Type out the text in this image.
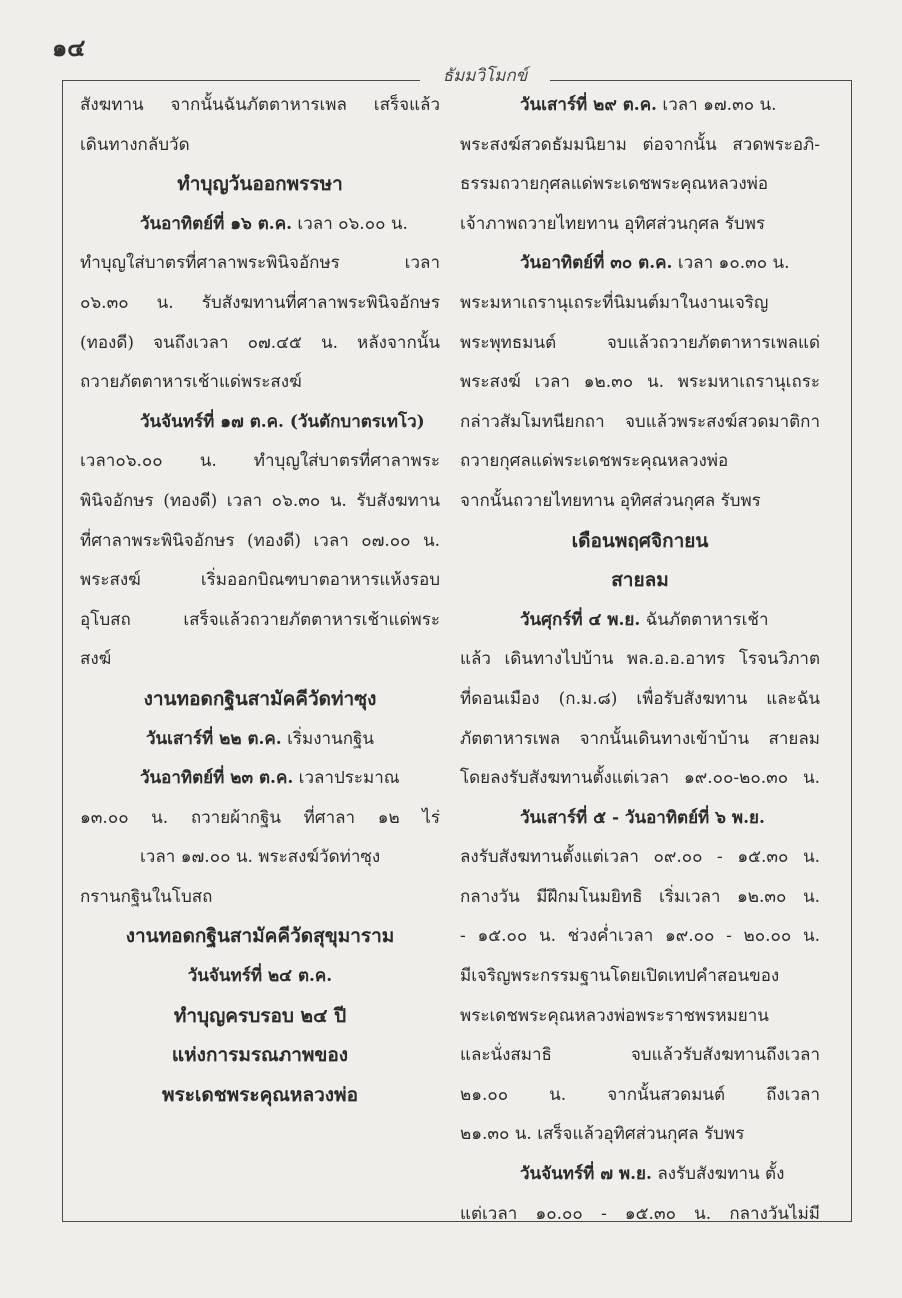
๑๔
ธัมมวิโมกข์
สังฆทาน จากนั้นฉันภัตตาหารเพล เสร็จแล้ว
เดินทางกลับวัด
ทำบุญวันออกพรรษา
วันอาทิตย์ที่ ๑๖ ต.ค. เวลา ๐๖.๐๐ น.
ทำบุญใส่บาตรที่ศาลาพระพินิจอักษร เวลา
๐๖.๓๐ น. รับสังฆทานที่ศาลาพระพินิจอักษร
(ทองดี) จนถึงเวลา ๐๗.๔๕ น. หลังจากนั้น
ถวายภัตตาหารเช้าแด่พระสงฆ์
วันจันทร์ที่ ๑๗ ต.ค. (วันตักบาตรเทโว)
เวลา๐๖.๐๐ น. ทำบุญใส่บาตรที่ศาลาพระ
พินิจอักษร (ทองดี) เวลา ๐๖.๓๐ น. รับสังฆทาน
ที่ศาลาพระพินิจอักษร (ทองดี) เวลา ๐๗.๐๐ น.
พระสงฆ์ เริ่มออกบิณฑบาตอาหารแห้งรอบ
อุโบสถ เสร็จแล้วถวายภัตตาหารเช้าแด่พระ
สงฆ์
งานทอดกฐินสามัคคีวัดท่าซุง
วันเสาร์ที่ ๒๒ ต.ค. เริ่มงานกฐิน
วันอาทิตย์ที่ ๒๓ ต.ค. เวลาประมาณ
๑๓.๐๐ น. ถวายผ้ากฐิน ที่ศาลา ๑๒ ไร่
เวลา ๑๗.๐๐ น. พระสงฆ์วัดท่าซุง
กรานกฐินในโบสถ
งานทอดกฐินสามัคคีวัดสุขุมาราม
วันจันทร์ที่ ๒๔ ต.ค.
ทำบุญครบรอบ ๒๔ ปี
แห่งการมรณภาพของ
พระเดชพระคุณหลวงพ่อ
วันเสาร์ที่ ๒๙ ต.ค. เวลา ๑๗.๓๐ น.
พระสงฆ์สวดธัมมนิยาม ต่อจากนั้น สวดพระอภิ-
ธรรมถวายกุศลแด่พระเดชพระคุณหลวงพ่อ
เจ้าภาพถวายไทยทาน อุทิศส่วนกุศล รับพร
วันอาทิตย์ที่ ๓๐ ต.ค. เวลา ๑๐.๓๐ น.
พระมหาเถรานุเถระที่นิมนต์มาในงานเจริญ
พระพุทธมนต์ จบแล้วถวายภัตตาหารเพลแด่
พระสงฆ์ เวลา ๑๒.๓๐ น. พระมหาเถรานุเถระ
กล่าวสัมโมทนียกถา จบแล้วพระสงฆ์สวดมาติกา
ถวายกุศลแด่พระเดชพระคุณหลวงพ่อ
จากนั้นถวายไทยทาน อุทิศส่วนกุศล รับพร
เดือนพฤศจิกายน
สายลม
วันศุกร์ที่ ๔ พ.ย. ฉันภัตตาหารเช้า
แล้ว เดินทางไปบ้าน พล.อ.อ.อาทร โรจนวิภาต
ที่ดอนเมือง (ก.ม.๘) เพื่อรับสังฆทาน และฉัน
ภัตตาหารเพล จากนั้นเดินทางเข้าบ้าน สายลม
โดยลงรับสังฆทานตั้งแต่เวลา ๑๙.๐๐-๒๐.๓๐ น.
วันเสาร์ที่ ๕ - วันอาทิตย์ที่ ๖ พ.ย.
ลงรับสังฆทานตั้งแต่เวลา ๐๙.๐๐ - ๑๕.๓๐ น.
กลางวัน มีฝึกมโนมยิทธิ เริ่มเวลา ๑๒.๓๐ น.
- ๑๕.๐๐ น. ช่วงค่ำเวลา ๑๙.๐๐ - ๒๐.๐๐ น.
มีเจริญพระกรรมฐานโดยเปิดเทปคำสอนของ
พระเดชพระคุณหลวงพ่อพระราชพรหมยาน
และนั่งสมาธิ จบแล้วรับสังฆทานถึงเวลา
๒๑.๐๐ น. จากนั้นสวดมนต์ ถึงเวลา
๒๑.๓๐ น. เสร็จแล้วอุทิศส่วนกุศล รับพร
วันจันทร์ที่ ๗ พ.ย. ลงรับสังฆทาน ตั้ง
แต่เวลา ๑๐.๐๐ - ๑๕.๓๐ น. กลางวันไม่มี
